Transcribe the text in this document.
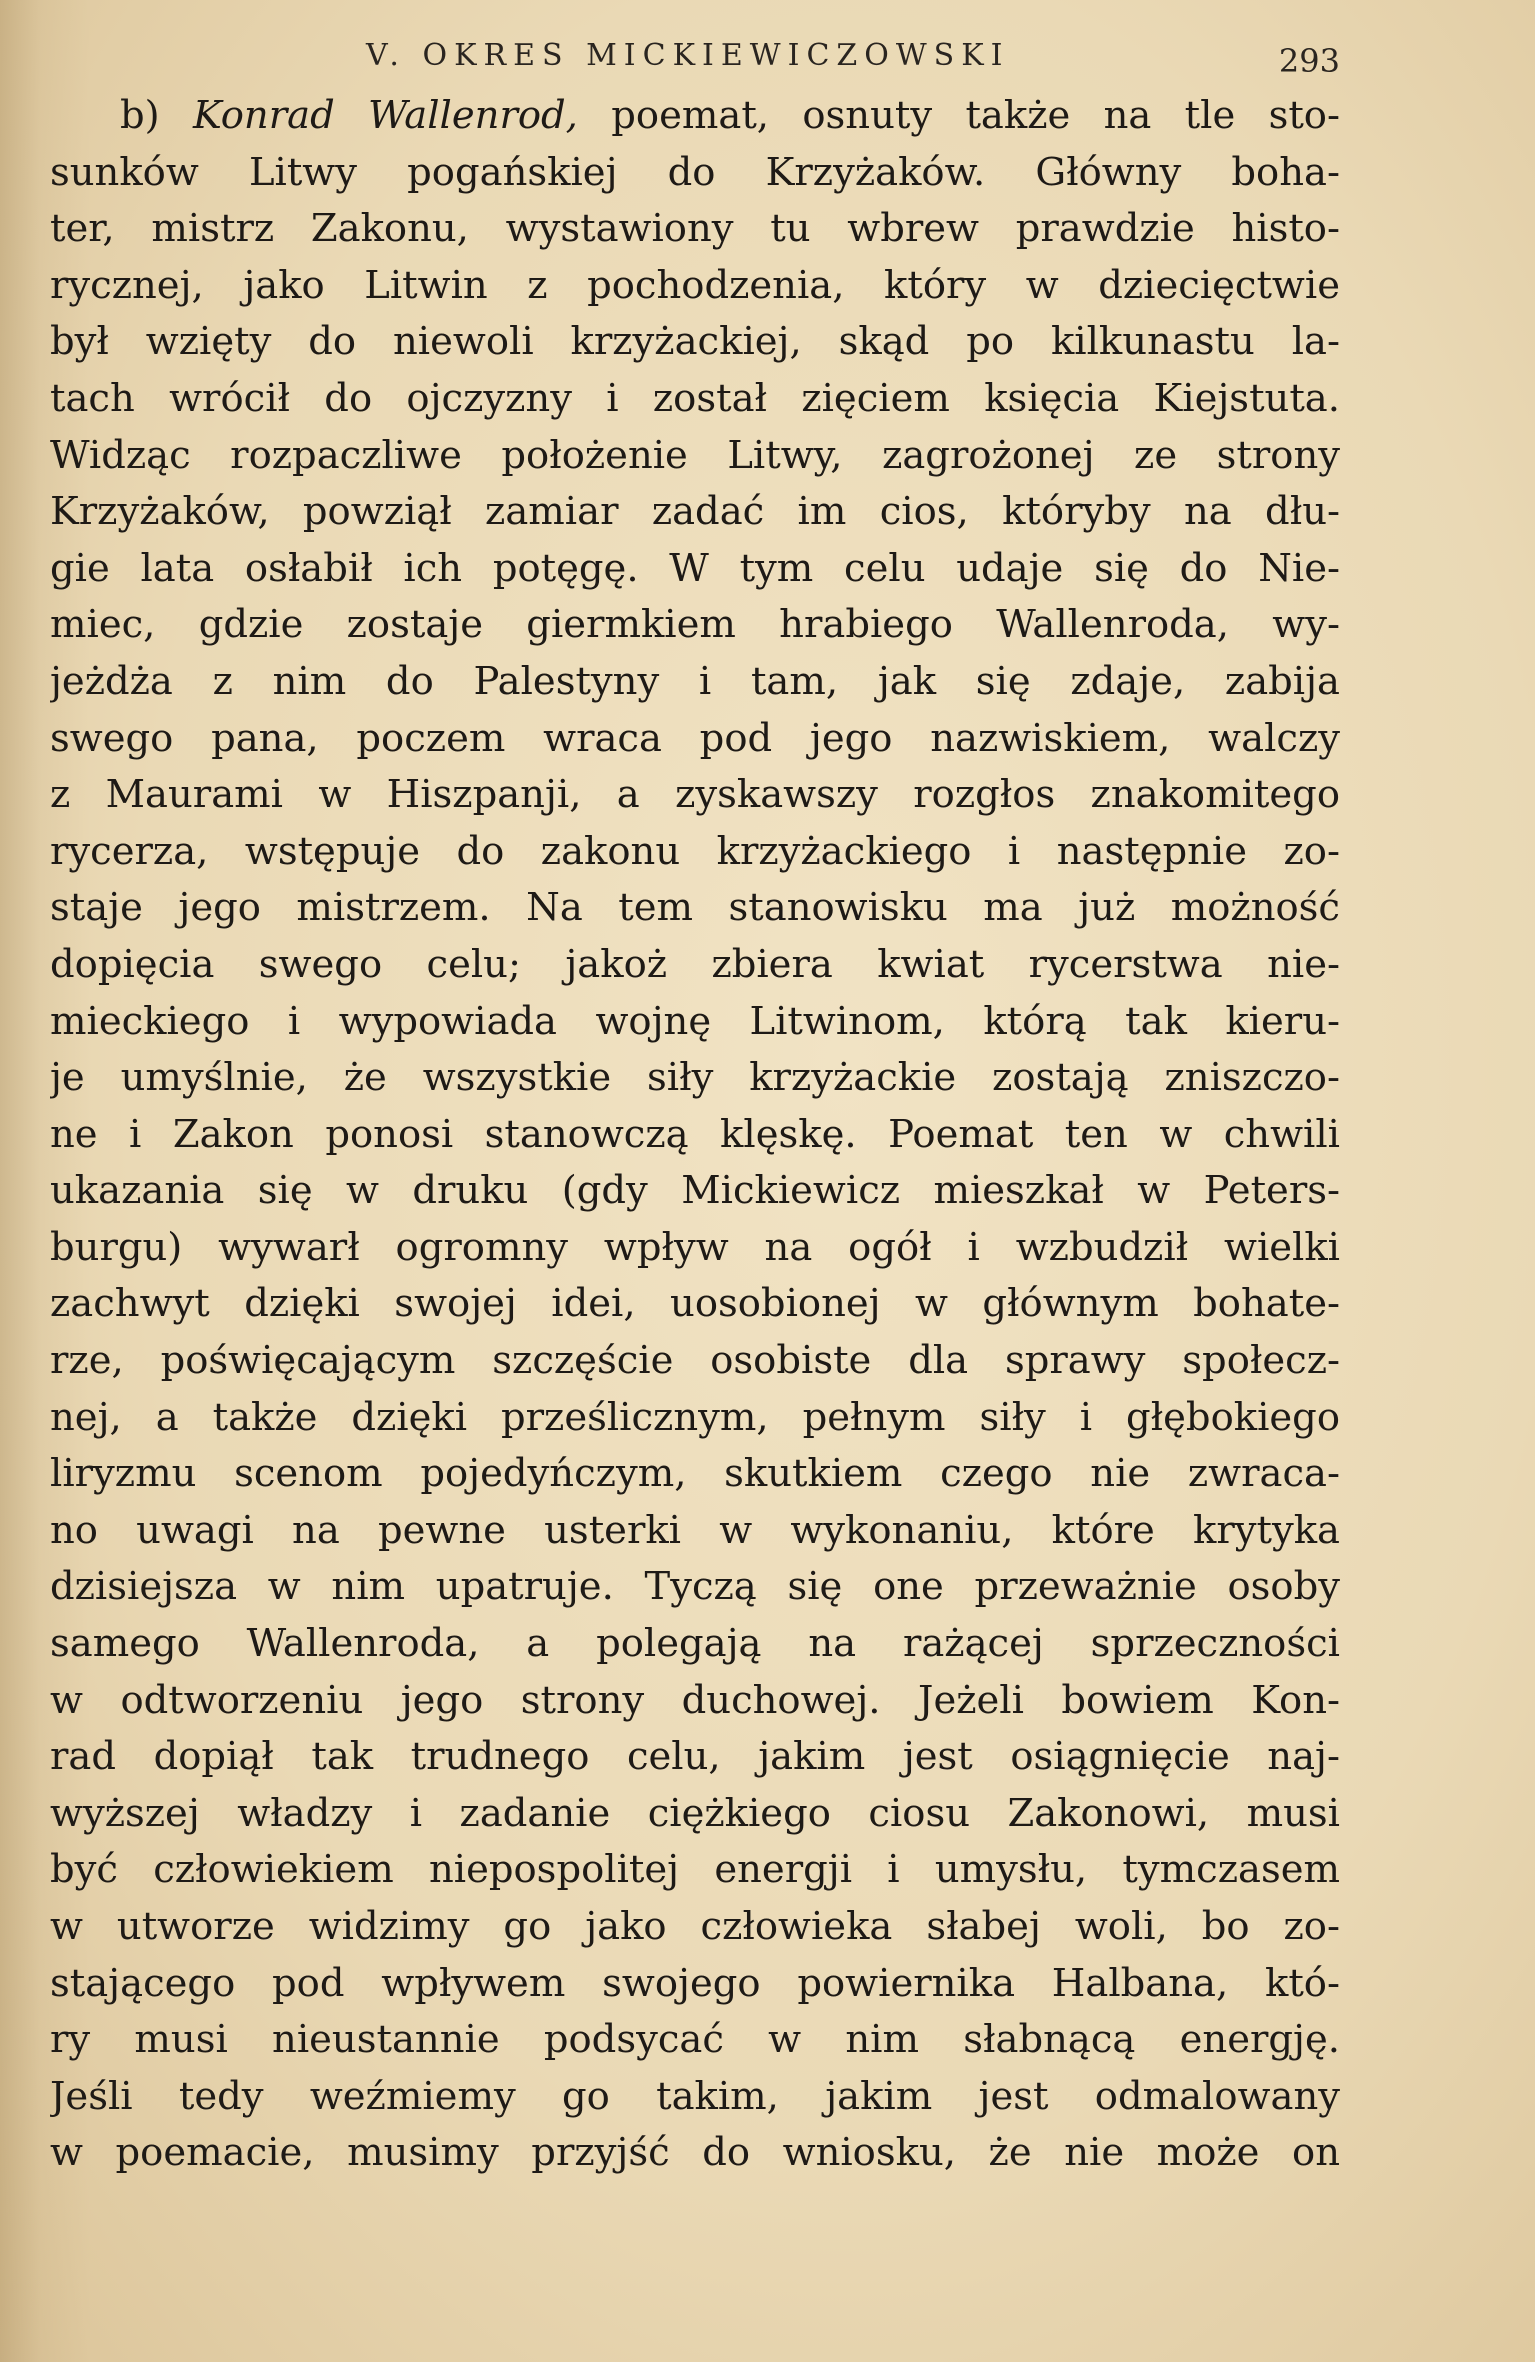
V. OKRES MICKIEWICZOWSKI	293
b) Konrad Wallenrod, poemat, osnuty także na tle sto-
sunków Litwy pogańskiej do Krzyżaków. Główny boha-
ter, mistrz Zakonu, wystawiony tu wbrew prawdzie histo-
rycznej, jako Litwin z pochodzenia, który w dziecięctwie
był wzięty do niewoli krzyżackiej, skąd po kilkunastu la-
tach wrócił do ojczyzny i został zięciem księcia Kiejstuta.
Widząc rozpaczliwe położenie Litwy, zagrożonej ze strony
Krzyżaków, powziął zamiar zadać im cios, któryby na dłu-
gie lata osłabił ich potęgę. W tym celu udaje się do Nie-
miec, gdzie zostaje giermkiem hrabiego Wallenroda, wy-
jeżdża z nim do Palestyny i tam, jak się zdaje, zabija
swego pana, poczem wraca pod jego nazwiskiem, walczy
z Maurami w Hiszpanji, a zyskawszy rozgłos znakomitego
rycerza, wstępuje do zakonu krzyżackiego i następnie zo-
staje jego mistrzem. Na tem stanowisku ma już możność
dopięcia swego celu; jakoż zbiera kwiat rycerstwa nie-
mieckiego i wypowiada wojnę Litwinom, którą tak kieru-
je umyślnie, że wszystkie siły krzyżackie zostają zniszczo-
ne i Zakon ponosi stanowczą klęskę. Poemat ten w chwili
ukazania się w druku (gdy Mickiewicz mieszkał w Peters-
burgu) wywarł ogromny wpływ na ogół i wzbudził wielki
zachwyt dzięki swojej idei, uosobionej w głównym bohate-
rze, poświęcającym szczęście osobiste dla sprawy społecz-
nej, a także dzięki prześlicznym, pełnym siły i głębokiego
liryzmu scenom pojedyńczym, skutkiem czego nie zwraca-
no uwagi na pewne usterki w wykonaniu, które krytyka
dzisiejsza w nim upatruje. Tyczą się one przeważnie osoby
samego Wallenroda, a polegają na rażącej sprzeczności
w odtworzeniu jego strony duchowej. Jeżeli bowiem Kon-
rad dopiął tak trudnego celu, jakim jest osiągnięcie naj-
wyższej władzy i zadanie ciężkiego ciosu Zakonowi, musi
być człowiekiem niepospolitej energji i umysłu, tymczasem
w utworze widzimy go jako człowieka słabej woli, bo zo-
stającego pod wpływem swojego powiernika Halbana, któ-
ry musi nieustannie podsycać w nim słabnącą energję.
Jeśli tedy weźmiemy go takim, jakim jest odmalowany
w poemacie, musimy przyjść do wniosku, że nie może on
